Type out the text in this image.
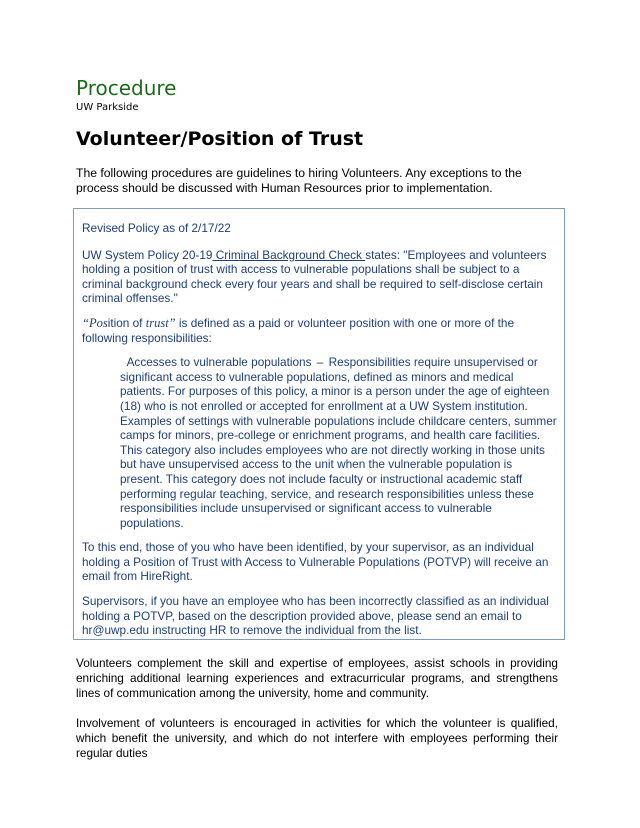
Procedure
UW Parkside
Volunteer/Position of Trust

The following procedures are guidelines to hiring Volunteers. Any exceptions to the process should be discussed with Human Resources prior to implementation.

Revised Policy as of 2/17/22

UW System Policy 20-19 Criminal Background Check states: "Employees and volunteers holding a position of trust with access to vulnerable populations shall be subject to a criminal background check every four years and shall be required to self-disclose certain criminal offenses."

“Position of trust” is defined as a paid or volunteer position with one or more of the following responsibilities:

Accesses to vulnerable populations – Responsibilities require unsupervised or significant access to vulnerable populations, defined as minors and medical patients. For purposes of this policy, a minor is a person under the age of eighteen (18) who is not enrolled or accepted for enrollment at a UW System institution. Examples of settings with vulnerable populations include childcare centers, summer camps for minors, pre-college or enrichment programs, and health care facilities. This category also includes employees who are not directly working in those units but have unsupervised access to the unit when the vulnerable population is present. This category does not include faculty or instructional academic staff performing regular teaching, service, and research responsibilities unless these responsibilities include unsupervised or significant access to vulnerable populations.

To this end, those of you who have been identified, by your supervisor, as an individual holding a Position of Trust with Access to Vulnerable Populations (POTVP) will receive an email from HireRight.

Supervisors, if you have an employee who has been incorrectly classified as an individual holding a POTVP, based on the description provided above, please send an email to hr@uwp.edu instructing HR to remove the individual from the list.

Volunteers complement the skill and expertise of employees, assist schools in providing enriching additional learning experiences and extracurricular programs, and strengthens lines of communication among the university, home and community.

Involvement of volunteers is encouraged in activities for which the volunteer is qualified, which benefit the university, and which do not interfere with employees performing their regular duties
